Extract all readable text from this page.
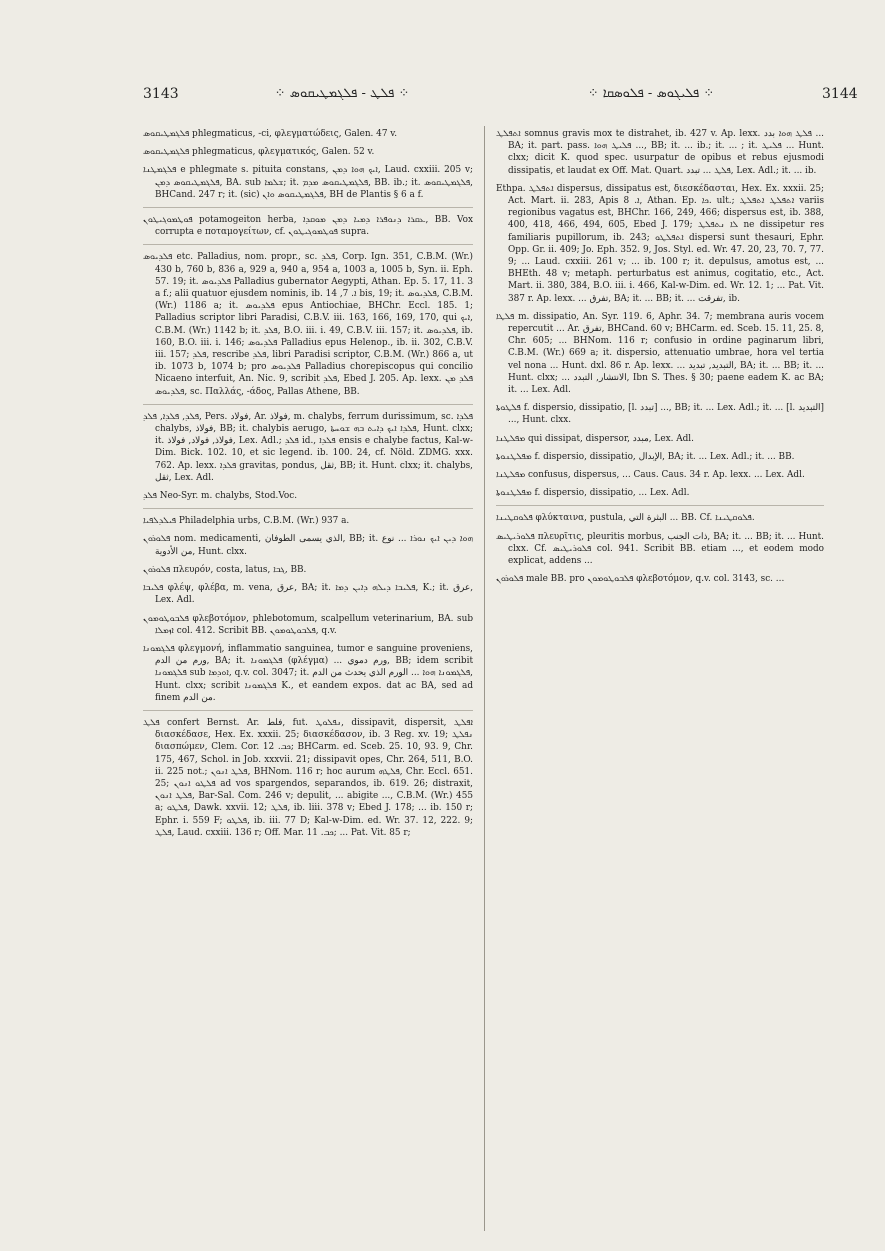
3143	⁘ ܦܠܛ - ܦܠܓܡܛܝܩܘܣ ⁘	⁘ ܦܠܝܓܘܣ - ܦܠܘܣܩܐ ⁘	3144

ܦܠܓܡܛܝܩܘܣ phlegmaticus, -ci, φλεγματώδεις, Galen. 47 v.

ܦܠܓܡܛܝܩܘܣ phlegmaticus, φλεγματικός, Galen. 52 v.

ܦܠܓܡܛܢܐ e phlegmate s. pituita constans, ܐܝܟ ܗܘܐ ܕܡܢ, Laud. cxxiii. 205 v; ܦܠܓܡܛܝܩܘܣ ܕܡܢ, BA. sub ܫܠܡܐ; it. ܦܠܓܡܛܝܩܘܣ ܡܕܡ, BB. ib.; it. ܦܠܓܡܛܝܩܘܣ, BHCand. 247 r; it. (sic) ܦܠܓܡܛܝܩܘܣ ܘܐܢ, BH de Plantis § 6 a f.

ܦܘܛܡܘܓܝܛܘܢ potamogeiton herba, ܥܩܪܐ ܕܢܘܦܪܐ ܕܡܝܐ ܕܡܢ ܡܘܩܕܐ, BB. Vox corrupta e ποταμογείτων, cf. ܦܘܛܡܘܓܝܛܘܢ supra.

ܦܠܕܝܘܣ etc. Palladius, nom. propr., sc. ܦܠܕ, Corp. Ign. 351, C.B.M. (Wr.) 430 b, 760 b, 836 a, 929 a, 940 a, 954 a, 1003 a, 1005 b, Syn. ii. Eph. 57. 19; it. ܦܠܕܝܘܣ Palladius gubernator Aegypti, Athan. Ep. 5. 17, 11. 3 a f.; alii quatuor ejusdem nominis, ib. ܐ. 7, 14 bis, 19; it. ܦܠܕܝܘܣ, C.B.M. (Wr.) 1186 a; it. ܦܠܕܝܘܣ epus Antiochiae, BHChr. Eccl. 185. 1; Palladius scriptor libri Paradisi, C.B.V. iii. 163, 166, 169, 170, qui ܐܝܟ, C.B.M. (Wr.) 1142 b; it. ܦܠܕ, B.O. iii. i. 49, C.B.V. iii. 157; it. ܦܠܕܝܘܣ, ib. 160, B.O. iii. i. 146; ܦܠܕܝܘܣ Palladius epus Helenop., ib. ii. 302, C.B.V. iii. 157; ܦܠܕ, rescribe ܦܠܕ, libri Paradisi scriptor, C.B.M. (Wr.) 866 a, ut ib. 1073 b, 1074 b; pro ܦܠܕܝܘܣ Palladius chorepiscopus qui concilio Nicaeno interfuit, An. Nic. 9, scribit ܦܠܕ, Ebed J. 205. Ap. lexx. ܦܠܕ ܡܢ ܦܠܕܝܘܣ, sc. Παλλάς, -άδος, Pallas Athene, BB.

ܦܠܕ, ܦܠܕܐ, ܦܠܕ, Pers. فولاد, Ar. فولاذ, m. chalybs, ferrum durissimum, sc. ܦܠܕܐ chalybs, فولاذ, BB; it. chalybis aerugo, ܦܠܕܐ ܐܝܟ ܕܐܝܬ ܒܗ ܫܘܚܬܐ, Hunt. clxx; it. فولاذ, فولاد, فولاذ, Lex. Adl.; ܦܠܕ id., ܦܠܕܐ ensis e chalybe factus, Kal-w-Dim. Bick. 102. 10, et sic legend. ib. 100. 24, cf. Nöld. ZDMG. xxx. 762. Ap. lexx. ܦܠܕܐ gravitas, pondus, ثقل, BB; it. Hunt. clxx; it. chalybs, ثقل, Lex. Adl.

ܦܠܕ Neo-Syr. m. chalybs, Stod.Voc.

ܦܝܠܕܠܦܝܐ Philadelphia urbs, C.B.M. (Wr.) 937 a.

ܦܠܘܪܘܢ nom. medicamenti, الذي يسمى الطوفان, BB; it. ܗܘܐ ܕܝܢ ܐܝܟ ܢܘܪܐ ... نوع من الأدوية, Hunt. clxx.

ܦܠܘܪܘܢ πλευρόν, costa, latus, ܓܒܐ, BB.

ܦܠܝܒܐ φλέψ, φλέβα, m. vena, عرق, BA; it. ܦܠܝܒܐ ܕܝܠܗ ܕܐܝܢ ܕܡܐ, K.; it. عرق, Lex. Adl.

ܦܠܒܘܛܘܡܘܢ φλεβοτόμον, phlebotomum, scalpellum veterinarium, BA. sub ܐܙܡܠܐ col. 412. Scribit BB. ܦܠܒܘܛܘܡܘܢ, q.v.

ܦܠܓܡܘܢܐ φλεγμονή, inflammatio sanguinea, tumor e sanguine proveniens, ورم من الدم, BA; it. ܦܠܓܡܘܢܐ (φλέγμα) ... ورم دموي, BB; idem scribit ܦܠܓܡܘܢܐ sub ܐܘܕܡܐ, q.v. col. 3047; it. ܦܠܓܡܘܢܐ ܗܘܐ ... الورم الذي يحدث من الدم, Hunt. clxx; scribit ܦܠܓܡܘܢܐ K., et eandem expos. dat ac BA, sed ad finem من الدم.

ܦܠܛ confert Bernst. Ar. فلط, fut. ܢܦܠܘܛ, dissipavit, dispersit, ܐܦܠܛ διασκέδασε, Hex. Ex. xxxii. 25; διασκέδασον, ib. 3 Reg. xv. 19; ܢܦܠܛ διασπώμεν, Clem. Cor. ܟܒ. 12; BHCarm. ed. Sceb. 25. 10, 93. 9, Chr. 175, 467, Schol. in Job. xxxvii. 21; dissipavit opes, Chr. 264, 511, B.O. ii. 225 not.; ܦܠܛ ܐܢܘܢ, BHNom. 116 r; hoc aurum ܦܠܛܗ, Chr. Eccl. 651. 25; ܦܠܛܘ ܐܢܘܢ ad vos spargendos, separandos, ib. 619. 26; distraxit, ܦܠܛ ܐܢܘܢ, Bar-Sal. Com. 246 v; depulit, ... abigite ..., C.B.M. (Wr.) 455 a; ܦܠܛܘ, Dawk. xxvii. 12; ܦܠܛ, ib. liii. 378 v; Ebed J. 178; ... ib. 150 r; Ephr. i. 559 F; ܦܠܛܘ, ib. iii. 77 D; Kal-w-Dim. ed. Wr. 37. 12, 222. 9; ܦܠܛ, Laud. cxxiii. 136 r; Off. Mar. ܟܒ. 11; ... Pat. Vit. 85 r;

ܐܬܦܠܛ somnus gravis mox te distrahet, ib. 427 v. Ap. lexx. ܦܠܛ ܗܘܐ بدد ... BA; it. part. pass. ܦܠܝܛ ܗܘܐ ..., BB; it. ... ib.; it. ... ; it. ܦܠܝܛ ... Hunt. clxx; dicit K. quod spec. usurpatur de opibus et rebus ejusmodi dissipatis, et laudat ex Off. Mat. Quart. ܦܠܛ ... تبدد, Lex. Adl.; it. ... ib.

Ethpa. ܐܬܦܠܛ dispersus, dissipatus est, διεσκέδασται, Hex. Ex. xxxii. 25; Act. Mart. ii. 283, Apis ܐ. 8, Athan. Ep. ܟܐ. ult.; ܐܬܦܠܛ ܐܬܦܠܛ variis regionibus vagatus est, BHChr. 166, 249, 466; dispersus est, ib. 388, 400, 418, 466, 494, 605, Ebed J. 179; ܠܐ ܢܬܦܠܛ ne dissipetur res familiaris pupillorum, ib. 243; ܐܬܦܠܛܘ dispersi sunt thesauri, Ephr. Opp. Gr. ii. 409; Jo. Eph. 352. 9, Jos. Styl. ed. Wr. 47. 20, 23, 70. 7, 77. 9; ... Laud. cxxiii. 261 v; ... ib. 100 r; it. depulsus, amotus est, ... BHEth. 48 v; metaph. perturbatus est animus, cogitatio, etc., Act. Mart. ii. 380, 384, B.O. iii. i. 466, Kal-w-Dim. ed. Wr. 12. 1; ... Pat. Vit. 387 r. Ap. lexx. ... تفرق, BA; it. ... BB; it. ... تفرقت, ib.

ܦܠܛܐ m. dissipatio, An. Syr. 119. 6, Aphr. 34. 7; membrana auris vocem repercutit ... Ar. تفرق, BHCand. 60 v; BHCarm. ed. Sceb. 15. 11, 25. 8, Chr. 605; ... BHNom. 116 r; confusio in ordine paginarum libri, C.B.M. (Wr.) 669 a; it. dispersio, attenuatio umbrae, hora vel tertia vel nona ... Hunt. dxl. 86 r. Ap. lexx. ... التبديد, تبديد, BA; it. ... BB; it. ... Hunt. clxx; ... الانتشار, التبدد, Ibn S. Thes. § 30; paene eadem K. ac BA; it. ... Lex. Adl.

ܦܠܛܘܬܐ f. dispersio, dissipatio, [l. تبدد] ..., BB; it. ... Lex. Adl.; it. ... [l. التبديد] ..., Hunt. clxx.

ܡܦܠܛܢܐ qui dissipat, dispersor, مبدد, Lex. Adl.

ܡܦܠܛܢܘܬܐ f. dispersio, dissipatio, الإبدال, BA; it. ... Lex. Adl.; it. ... BB.

ܡܦܠܛܢܐ confusus, dispersus, ... Caus. Caus. 34 r. Ap. lexx. ... Lex. Adl.

ܡܦܠܛܢܘܬܐ f. dispersio, dissipatio, ... Lex. Adl.

ܦܠܘܩܛܝܢܐ φλύκταινα, pustula, البثرة التي ... BB. Cf. ܦܠܘܩܛܝܢܐ.

ܦܠܘܪܝܛܝܣ πλευρῖτις, pleuritis morbus, ذات الجنب, BA; it. ... BB; it. ... Hunt. clxx. Cf. ܦܠܘܪܝܛܝܣ col. 941. Scribit BB. etiam ..., et eodem modo explicat, addens ...

ܦܠܘܪܘܢ male BB. pro ܦܠܒܘܛܘܡܘܢ φλεβοτόμον, q.v. col. 3143, sc. ...
